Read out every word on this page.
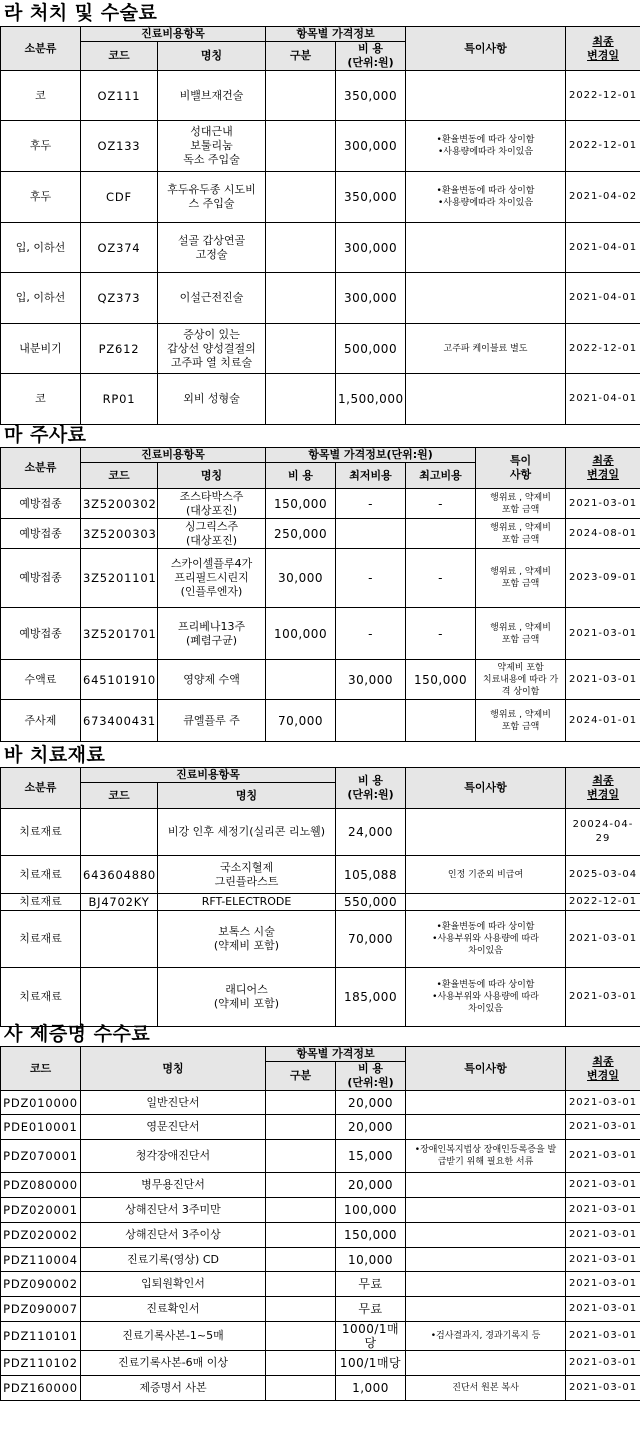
라 처치 및 수술료
소분류	진료비용항목		항목별 가격정보		특이사항	최종
변경일
	코드	명칭	구분	비 용
(단위:원)		
코	OZ111	비밸브재건술		350,000		2022-12-01
후두	OZ133	성대근내
보툴리눔
독소 주입술		300,000	•환율변동에 따라 상이함
•사용량에따라 차이있음	2022-12-01
후두	CDF	후두유두종 시도비
스 주입술		350,000	•환율변동에 따라 상이함
•사용량에따라 차이있음	2021-04-02
입, 이하선	OZ374	설골 갑상연골
고정술		300,000		2021-04-01
입, 이하선	QZ373	이설근전진술		300,000		2021-04-01
내분비기	PZ612	증상이 있는
갑상선 양성결절의
고주파 열 치료술		500,000	고주파 케이블료 별도	2022-12-01
코	RP01	외비 성형술		1,500,000		2021-04-01
마 주사료
소분류	진료비용항목		항목별 가격정보(단위:원)			특이
사항	최종
변경일
	코드	명칭	비 용	최저비용	최고비용		
예방접종	3Z5200302	조스타박스주
(대상포진)	150,000	-	-	행위료 , 약제비
포함 금액	2021-03-01
예방접종	3Z5200303	싱그릭스주
(대상포진)	250,000			행위료 , 약제비
포함 금액	2024-08-01
예방접종	3Z5201101	스카이셀플루4가
프리필드시린지
(인플루엔자)	30,000	-	-	행위료 , 약제비
포함 금액	2023-09-01
예방접종	3Z5201701	프리베나13주
(폐렴구균)	100,000	-	-	행위료 , 약제비
포함 금액	2021-03-01
수액료	645101910	영양제 수액		30,000	150,000	약제비 포함
치료내용에 따라 가
격 상이함	2021-03-01
주사제	673400431	큐엘플루 주	70,000			행위료 , 약제비
포함 금액	2024-01-01
바 치료재료
소분류	진료비용항목		비 용
(단위:원)	특이사항	최종
변경일
	코드	명칭			
치료재료		비강 인후 세정기(실리콘 리노웰)	24,000		20024-04-29
치료재료	643604880	국소지혈제
그린플라스트	105,088	인정 기준외 비급여	2025-03-04
치료재료	BJ4702KY	RFT-ELECTRODE	550,000		2022-12-01
치료재료		보톡스 시술
(약제비 포함)	70,000	•환율변동에 따라 상이함
•사용부위와 사용량에 따라
차이있음	2021-03-01
치료재료		래디어스
(약제비 포함)	185,000	•환율변동에 따라 상이함
•사용부위와 사용량에 따라
차이있음	2021-03-01
사 제증명 수수료
코드	명칭	항목별 가격정보		특이사항	최종
변경일
		구분	비 용
(단위:원)		
PDZ010000	일반진단서		20,000		2021-03-01
PDE010001	영문진단서		20,000		2021-03-01
PDZ070001	청각장애진단서		15,000	•장애인복지법상 장애인등록증을 발
급받기 위해 필요한 서류	2021-03-01
PDZ080000	병무용진단서		20,000		2021-03-01
PDZ020001	상해진단서 3주미만		100,000		2021-03-01
PDZ020002	상해진단서 3주이상		150,000		2021-03-01
PDZ110004	진료기록(영상) CD		10,000		2021-03-01
PDZ090002	입퇴원확인서		무료		2021-03-01
PDZ090007	진료확인서		무료		2021-03-01
PDZ110101	진료기록사본-1~5매		1000/1매당	•검사결과지, 경과기록지 등	2021-03-01
PDZ110102	진료기록사본-6매 이상		100/1매당		2021-03-01
PDZ160000	제증명서 사본		1,000	진단서 원본 복사	2021-03-01
